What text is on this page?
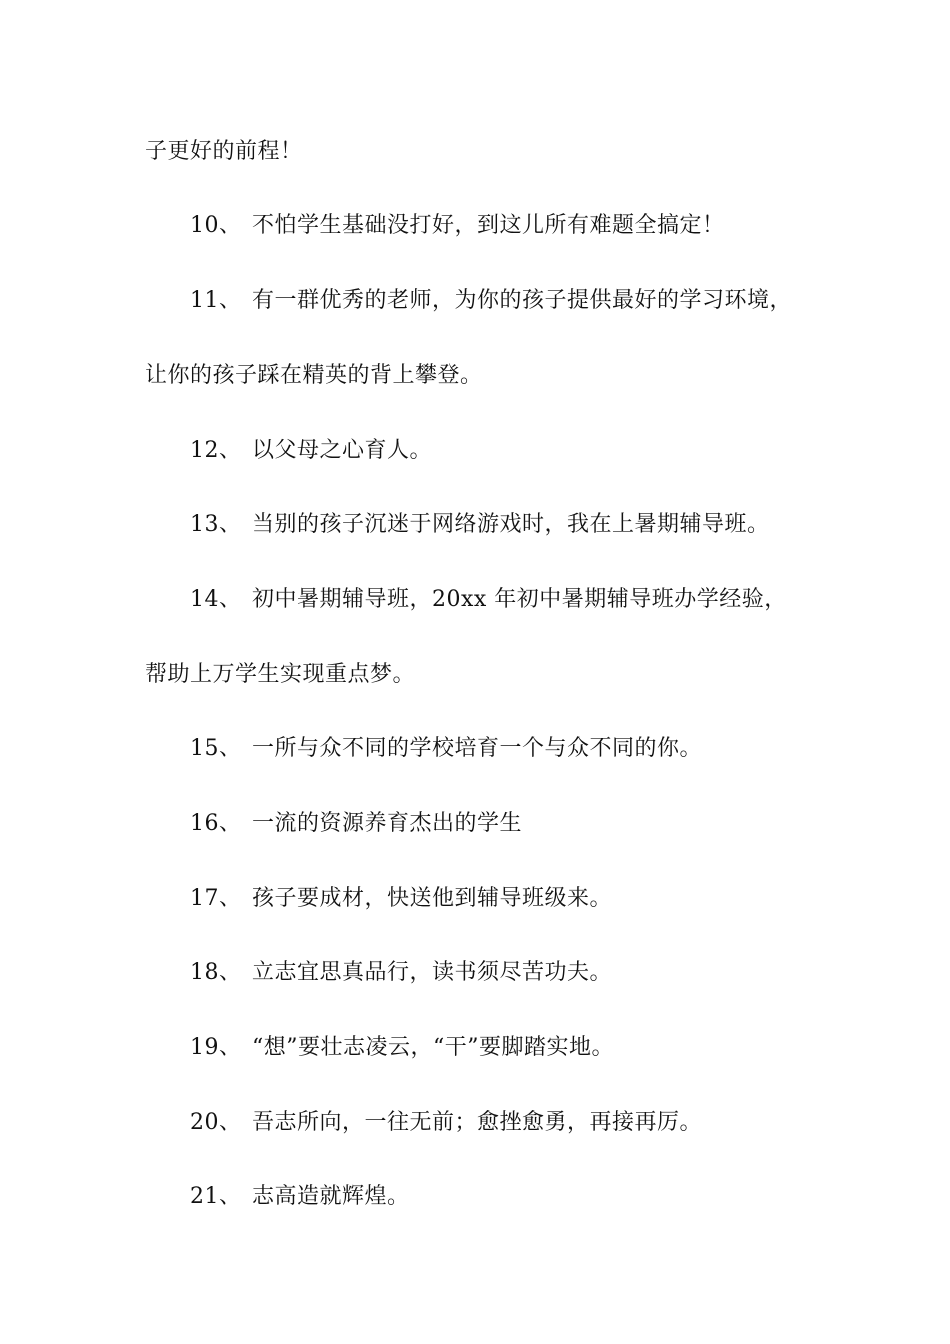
子更好的前程！
10、 不怕学生基础没打好，到这儿所有难题全搞定！
11、 有一群优秀的老师，为你的孩子提供最好的学习环境，
让你的孩子踩在精英的背上攀登。
12、 以父母之心育人。
13、 当别的孩子沉迷于网络游戏时，我在上暑期辅导班。
14、 初中暑期辅导班，20xx 年初中暑期辅导班办学经验，
帮助上万学生实现重点梦。
15、 一所与众不同的学校培育一个与众不同的你。
16、 一流的资源养育杰出的学生
17、 孩子要成材，快送他到辅导班级来。
18、 立志宜思真品行，读书须尽苦功夫。
19、 “想”要壮志凌云，“干”要脚踏实地。
20、 吾志所向，一往无前；愈挫愈勇，再接再厉。
21、 志高造就辉煌。
